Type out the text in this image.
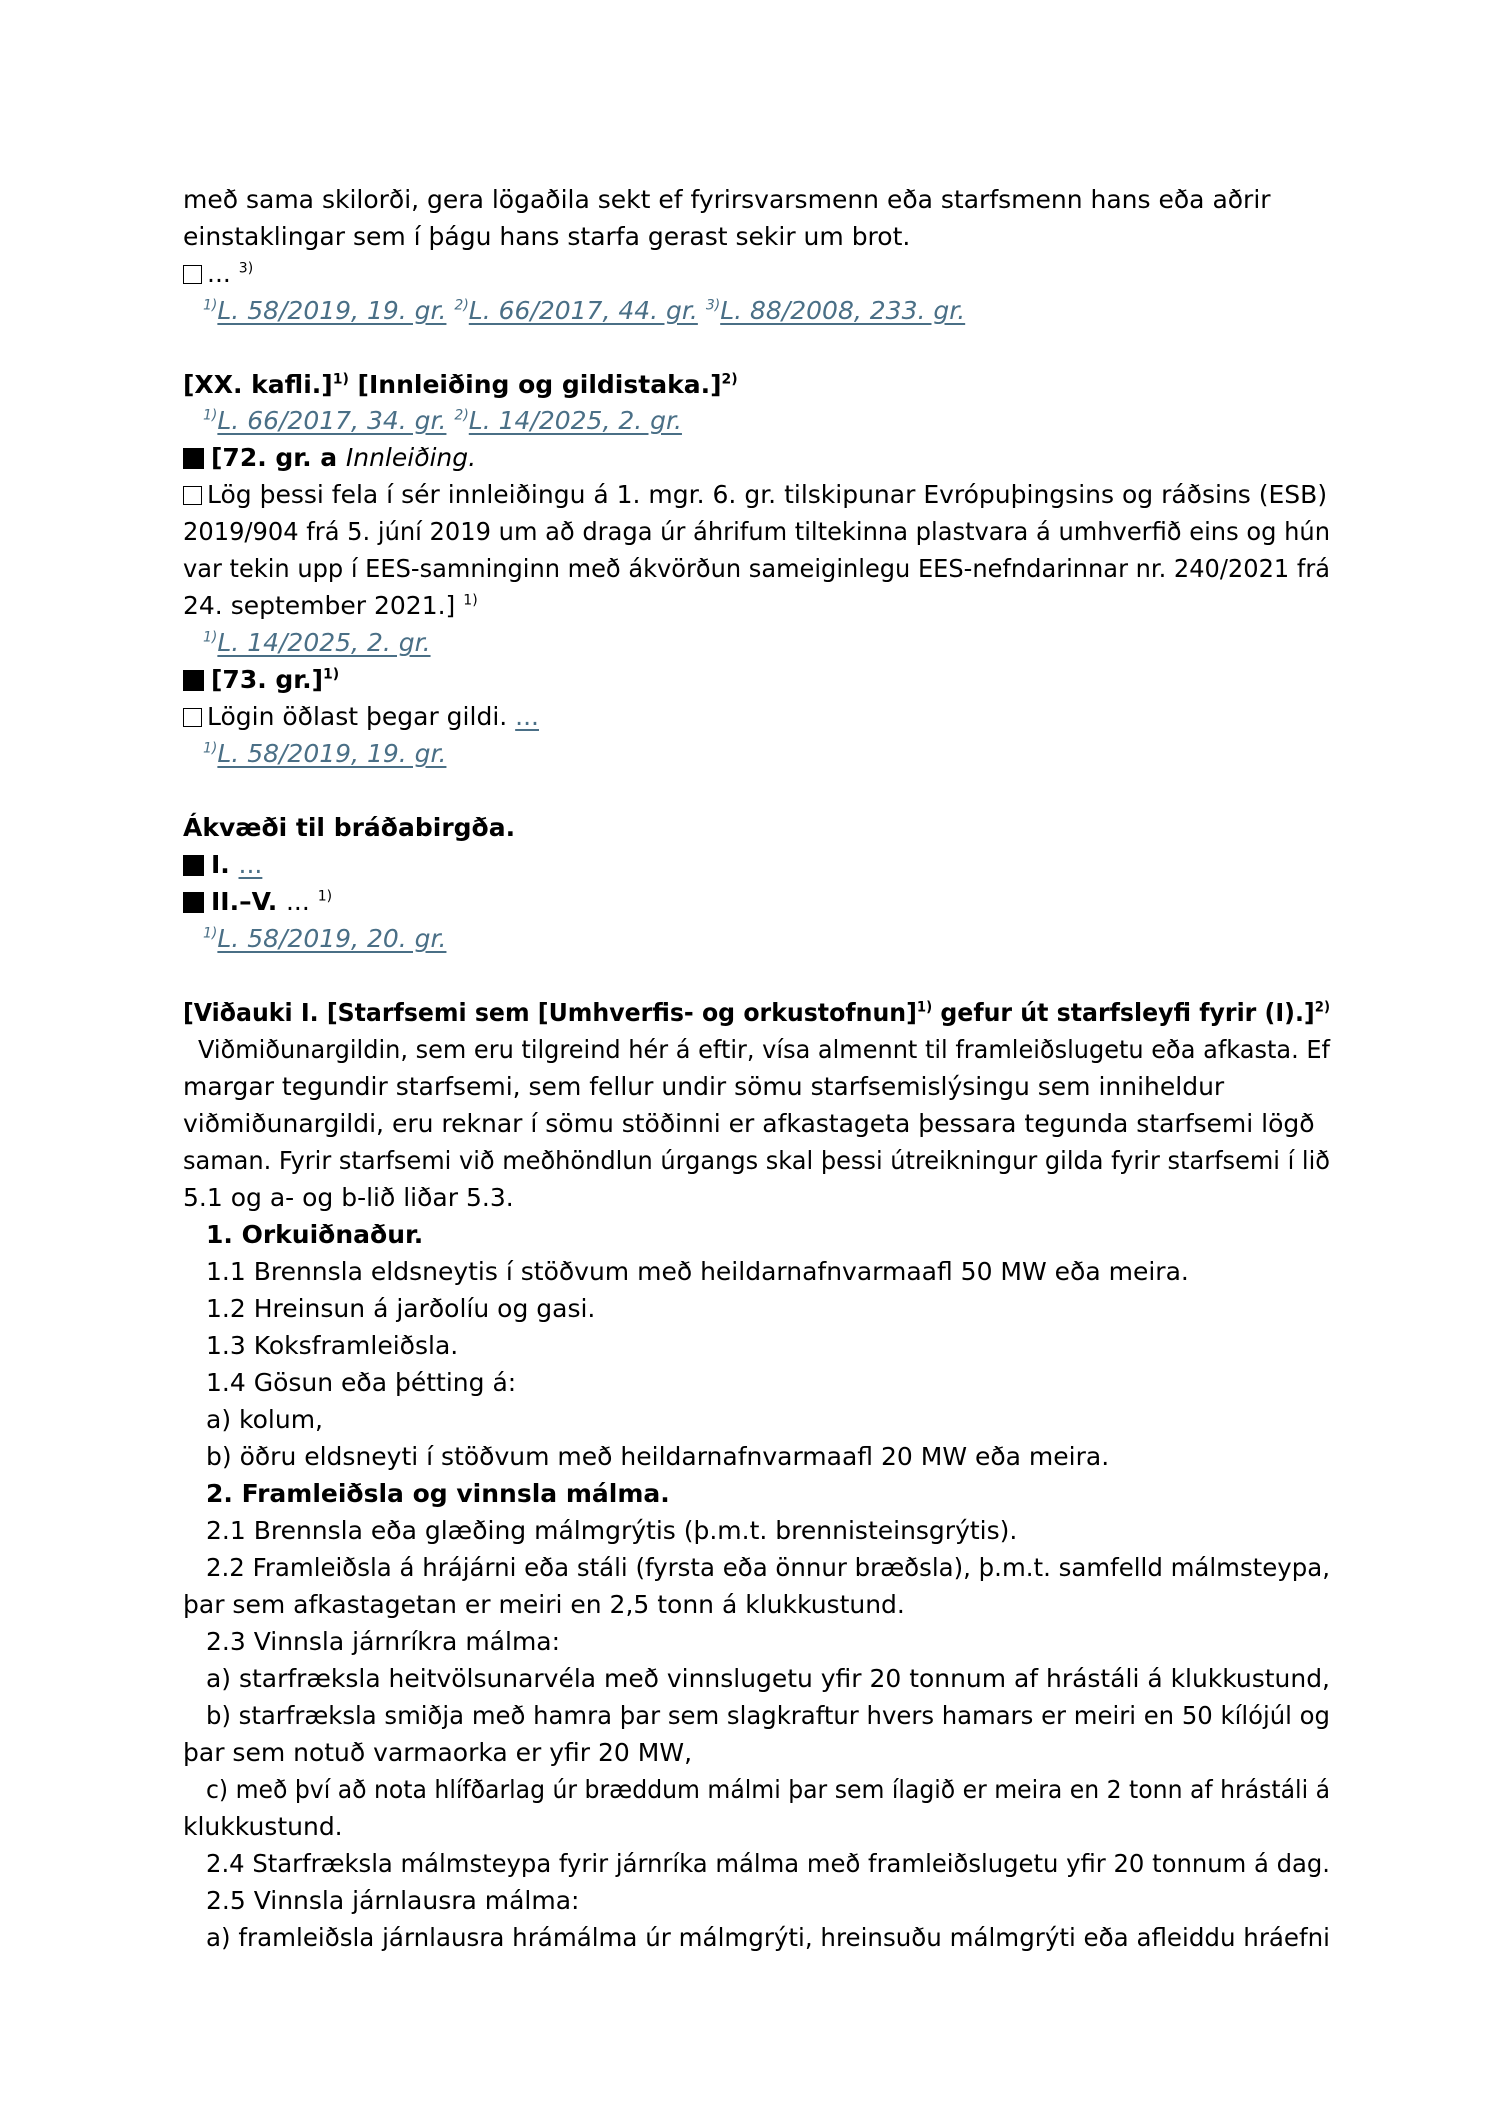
með sama skilorði, gera lögaðila sekt ef fyrirsvarsmenn eða starfsmenn hans eða aðrir
einstaklingar sem í þágu hans starfa gerast sekir um brot.
... $^{3)}$
$^{1)}$L. 58/2019, 19. gr. $^{2)}$L. 66/2017, 44. gr. $^{3)}$L. 88/2008, 233. gr.
[XX. kafli.]$^{1)}$ [Innleiðing og gildistaka.]$^{2)}$
$^{1)}$L. 66/2017, 34. gr. $^{2)}$L. 14/2025, 2. gr.
[72. gr. a Innleiðing.
Lög þessi fela í sér innleiðingu á 1. mgr. 6. gr. tilskipunar Evrópuþingsins og ráðsins (ESB)
2019/904 frá 5. júní 2019 um að draga úr áhrifum tiltekinna plastvara á umhverfið eins og hún
var tekin upp í EES-samninginn með ákvörðun sameiginlegu EES-nefndarinnar nr. 240/2021 frá
24. september 2021.] $^{1)}$
$^{1)}$L. 14/2025, 2. gr.
[73. gr.]$^{1)}$
Lögin öðlast þegar gildi. ...
$^{1)}$L. 58/2019, 19. gr.
Ákvæði til bráðabirgða.
I. ...
II.–V. ... $^{1)}$
$^{1)}$L. 58/2019, 20. gr.
[Viðauki I. [Starfsemi sem [Umhverfis- og orkustofnun]$^{1)}$ gefur út starfsleyfi fyrir (I).]$^{2)}$
Viðmiðunargildin, sem eru tilgreind hér á eftir, vísa almennt til framleiðslugetu eða afkasta. Ef
margar tegundir starfsemi, sem fellur undir sömu starfsemislýsingu sem inniheldur
viðmiðunargildi, eru reknar í sömu stöðinni er afkastageta þessara tegunda starfsemi lögð
saman. Fyrir starfsemi við meðhöndlun úrgangs skal þessi útreikningur gilda fyrir starfsemi í lið
5.1 og a- og b-lið liðar 5.3.
1. Orkuiðnaður.
1.1 Brennsla eldsneytis í stöðvum með heildarnafnvarmaafl 50 MW eða meira.
1.2 Hreinsun á jarðolíu og gasi.
1.3 Koksframleiðsla.
1.4 Gösun eða þétting á:
a) kolum,
b) öðru eldsneyti í stöðvum með heildarnafnvarmaafl 20 MW eða meira.
2. Framleiðsla og vinnsla málma.
2.1 Brennsla eða glæðing málmgrýtis (þ.m.t. brennisteinsgrýtis).
2.2 Framleiðsla á hrájárni eða stáli (fyrsta eða önnur bræðsla), þ.m.t. samfelld málmsteypa,
þar sem afkastagetan er meiri en 2,5 tonn á klukkustund.
2.3 Vinnsla járnríkra málma:
a) starfræksla heitvölsunarvéla með vinnslugetu yfir 20 tonnum af hrástáli á klukkustund,
b) starfræksla smiðja með hamra þar sem slagkraftur hvers hamars er meiri en 50 kílójúl og
þar sem notuð varmaorka er yfir 20 MW,
c) með því að nota hlífðarlag úr bræddum málmi þar sem ílagið er meira en 2 tonn af hrástáli á
klukkustund.
2.4 Starfræksla málmsteypa fyrir járnríka málma með framleiðslugetu yfir 20 tonnum á dag.
2.5 Vinnsla járnlausra málma:
a) framleiðsla járnlausra hrámálma úr málmgrýti, hreinsuðu málmgrýti eða afleiddu hráefni
